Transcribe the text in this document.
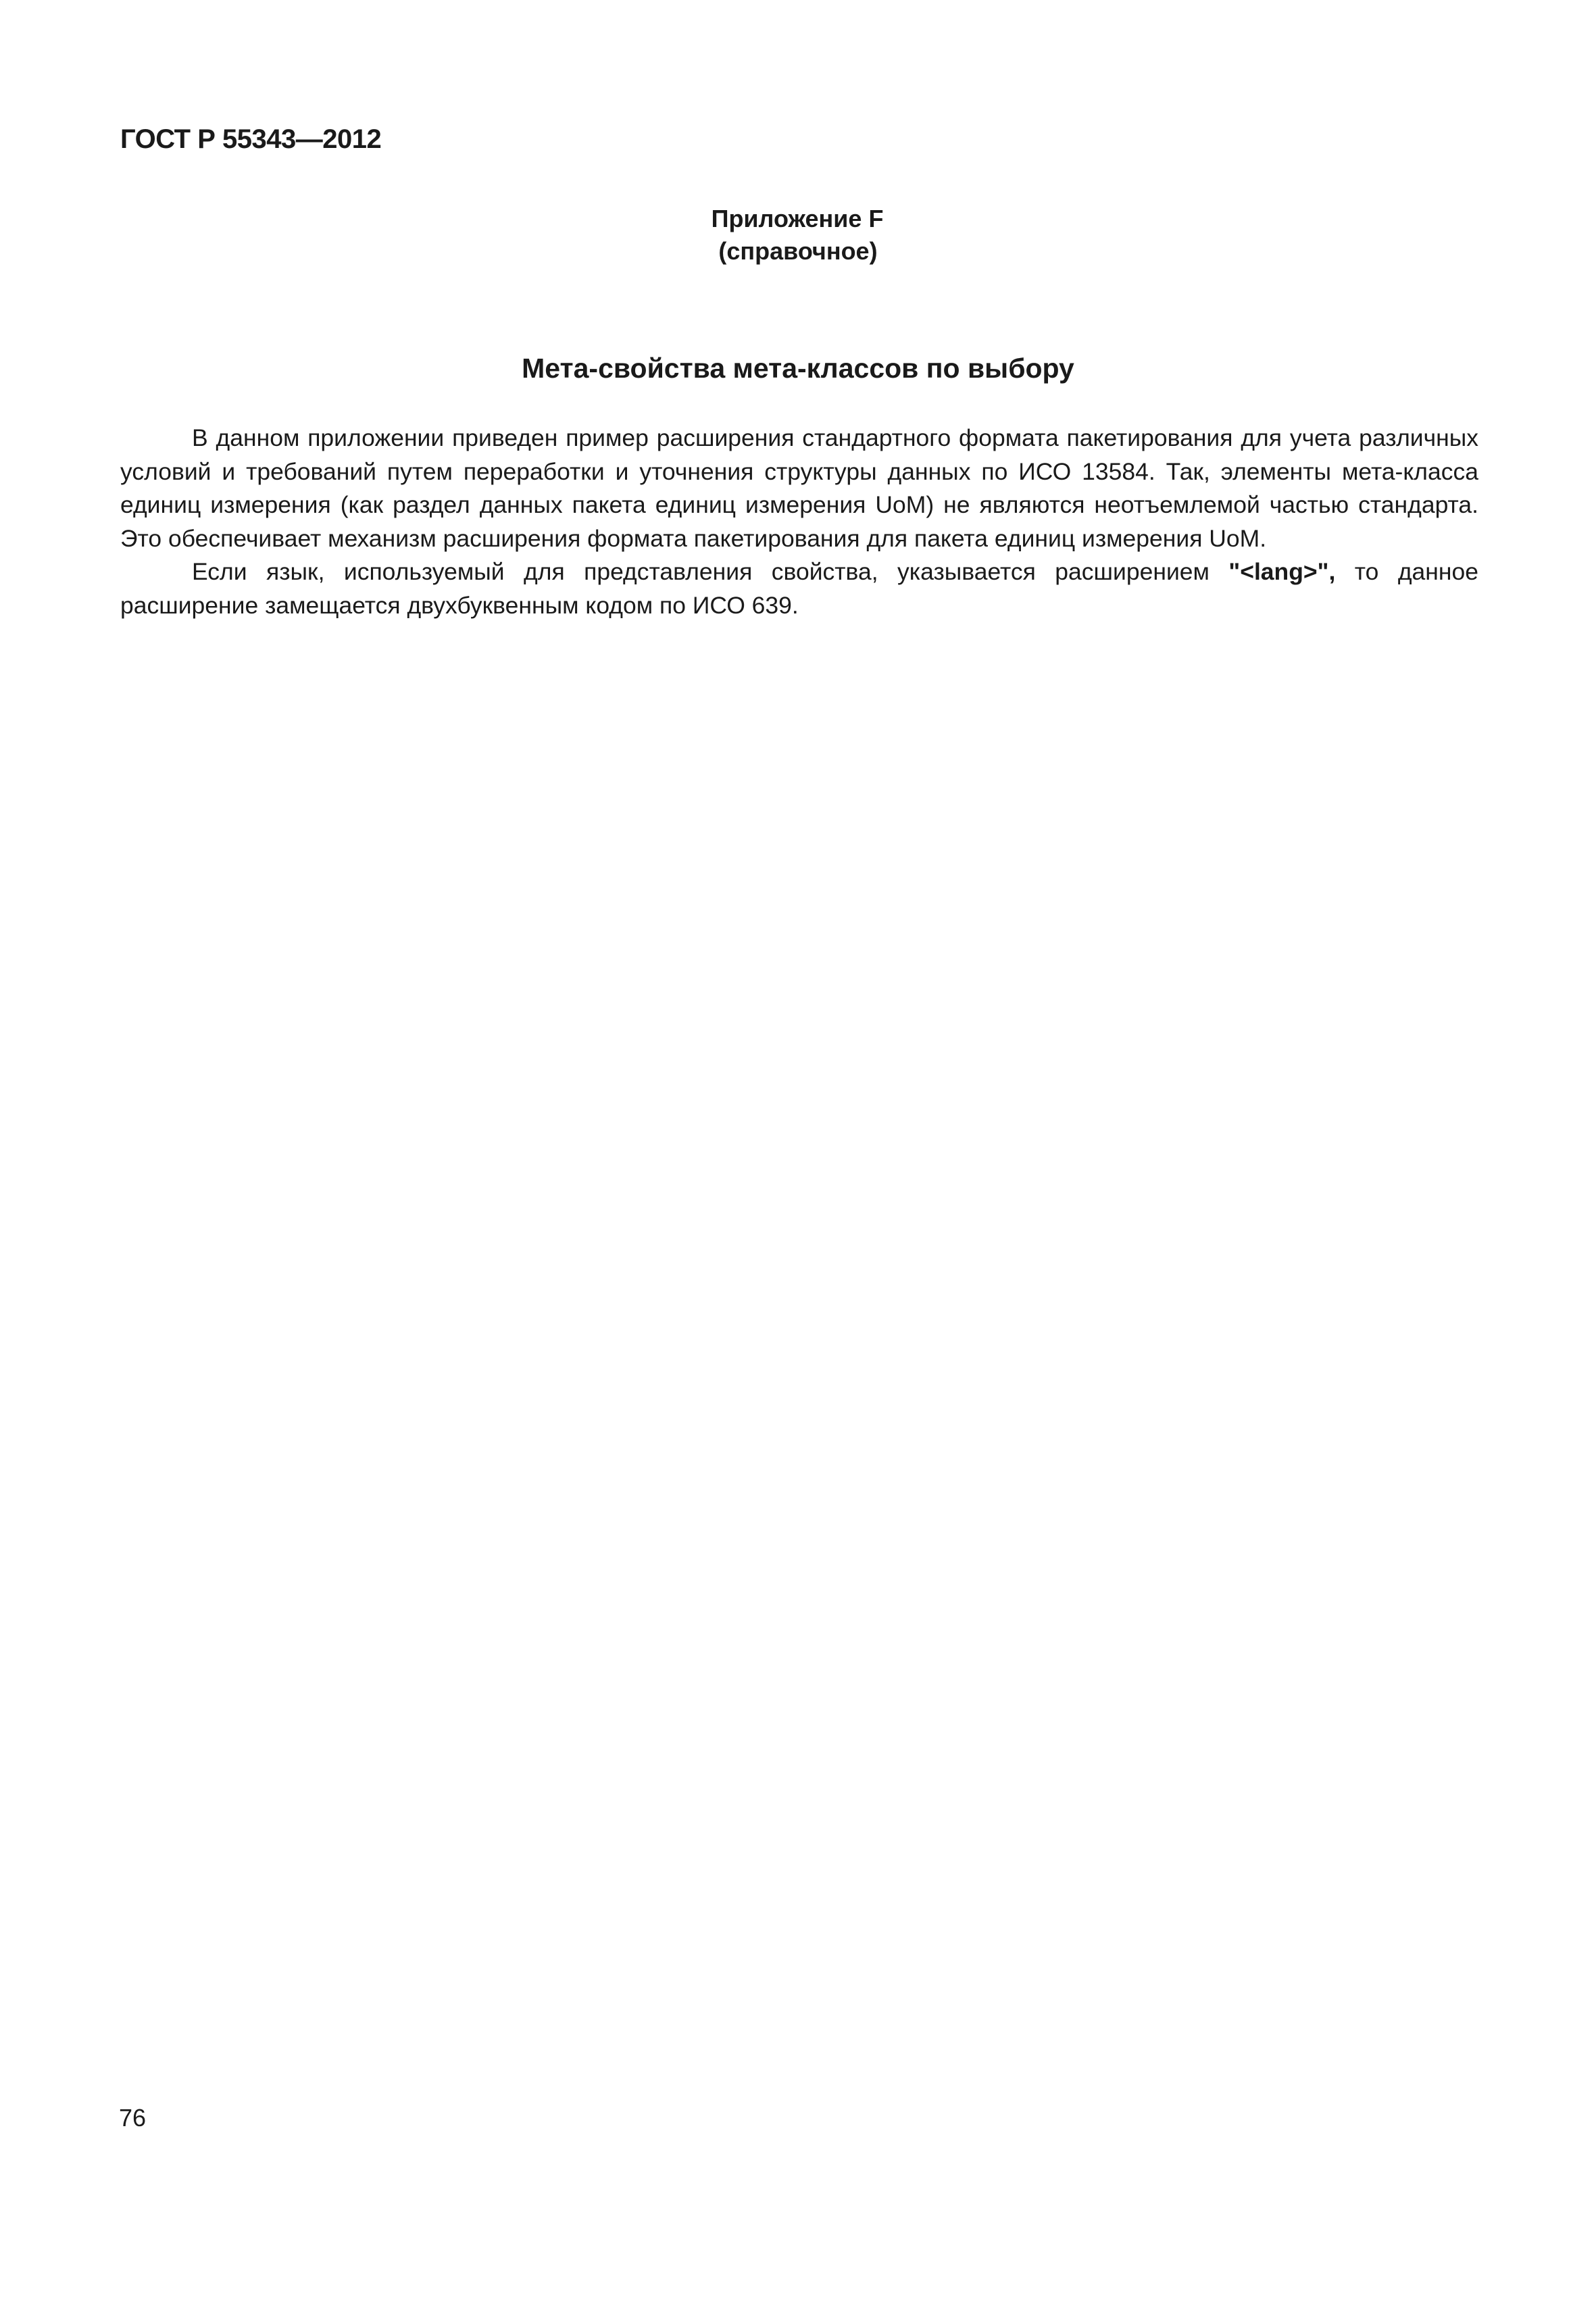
ГОСТ Р 55343—2012
Приложение F
(справочное)
Мета-свойства мета-классов по выбору

В данном приложении приведен пример расширения стандартного формата пакетирования для учета различных условий и требований путем переработки и уточнения структуры данных по ИСО 13584. Так, элементы мета-класса единиц измерения (как раздел данных пакета единиц измерения UoM) не являются неотъемлемой частью стандарта. Это обеспечивает механизм расширения формата пакетирования для пакета единиц измерения UoM.

Если язык, используемый для представления свойства, указывается расширением "<lang>", то данное расширение замещается двухбуквенным кодом по ИСО 639.

76
